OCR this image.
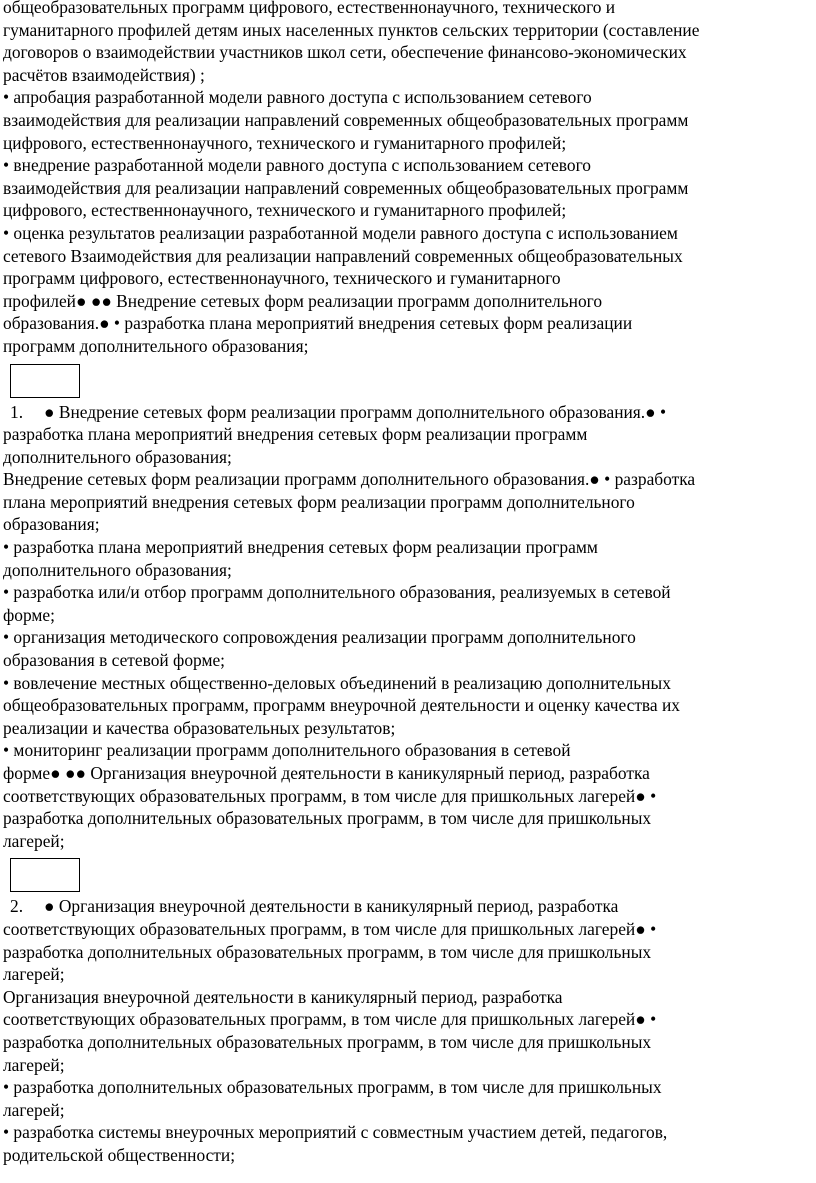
общеобразовательных программ цифрового, естественнонаучного, технического и
гуманитарного профилей детям иных населенных пунктов сельских территории (составление
договоров о взаимодействии участников школ сети, обеспечение финансово-экономических
расчётов взаимодействия) ;
• апробация разработанной модели равного доступа с использованием сетевого
взаимодействия для реализации направлений современных общеобразовательных программ
цифрового, естественнонаучного, технического и гуманитарного профилей;
• внедрение разработанной модели равного доступа с использованием сетевого
взаимодействия для реализации направлений современных общеобразовательных программ
цифрового, естественнонаучного, технического и гуманитарного профилей;
• оценка результатов реализации разработанной модели равного доступа с использованием
сетевого Взаимодействия для реализации направлений современных общеобразовательных
программ цифрового, естественнонаучного, технического и гуманитарного
профилей● ●● Внедрение сетевых форм реализации программ дополнительного
образования.● • разработка плана мероприятий внедрения сетевых форм реализации
программ дополнительного образования;
1. ● Внедрение сетевых форм реализации программ дополнительного образования.● •
разработка плана мероприятий внедрения сетевых форм реализации программ
дополнительного образования;
Внедрение сетевых форм реализации программ дополнительного образования.● • разработка
плана мероприятий внедрения сетевых форм реализации программ дополнительного
образования;
• разработка плана мероприятий внедрения сетевых форм реализации программ
дополнительного образования;
• разработка или/и отбор программ дополнительного образования, реализуемых в сетевой
форме;
• организация методического сопровождения реализации программ дополнительного
образования в сетевой форме;
• вовлечение местных общественно-деловых объединений в реализацию дополнительных
общеобразовательных программ, программ внеурочной деятельности и оценку качества их
реализации и качества образовательных результатов;
• мониторинг реализации программ дополнительного образования в сетевой
форме● ●● Организация внеурочной деятельности в каникулярный период, разработка
соответствующих образовательных программ, в том числе для пришкольных лагерей● •
разработка дополнительных образовательных программ, в том числе для пришкольных
лагерей;
2. ● Организация внеурочной деятельности в каникулярный период, разработка
соответствующих образовательных программ, в том числе для пришкольных лагерей● •
разработка дополнительных образовательных программ, в том числе для пришкольных
лагерей;
Организация внеурочной деятельности в каникулярный период, разработка
соответствующих образовательных программ, в том числе для пришкольных лагерей● •
разработка дополнительных образовательных программ, в том числе для пришкольных
лагерей;
• разработка дополнительных образовательных программ, в том числе для пришкольных
лагерей;
• разработка системы внеурочных мероприятий с совместным участием детей, педагогов,
родительской общественности;
